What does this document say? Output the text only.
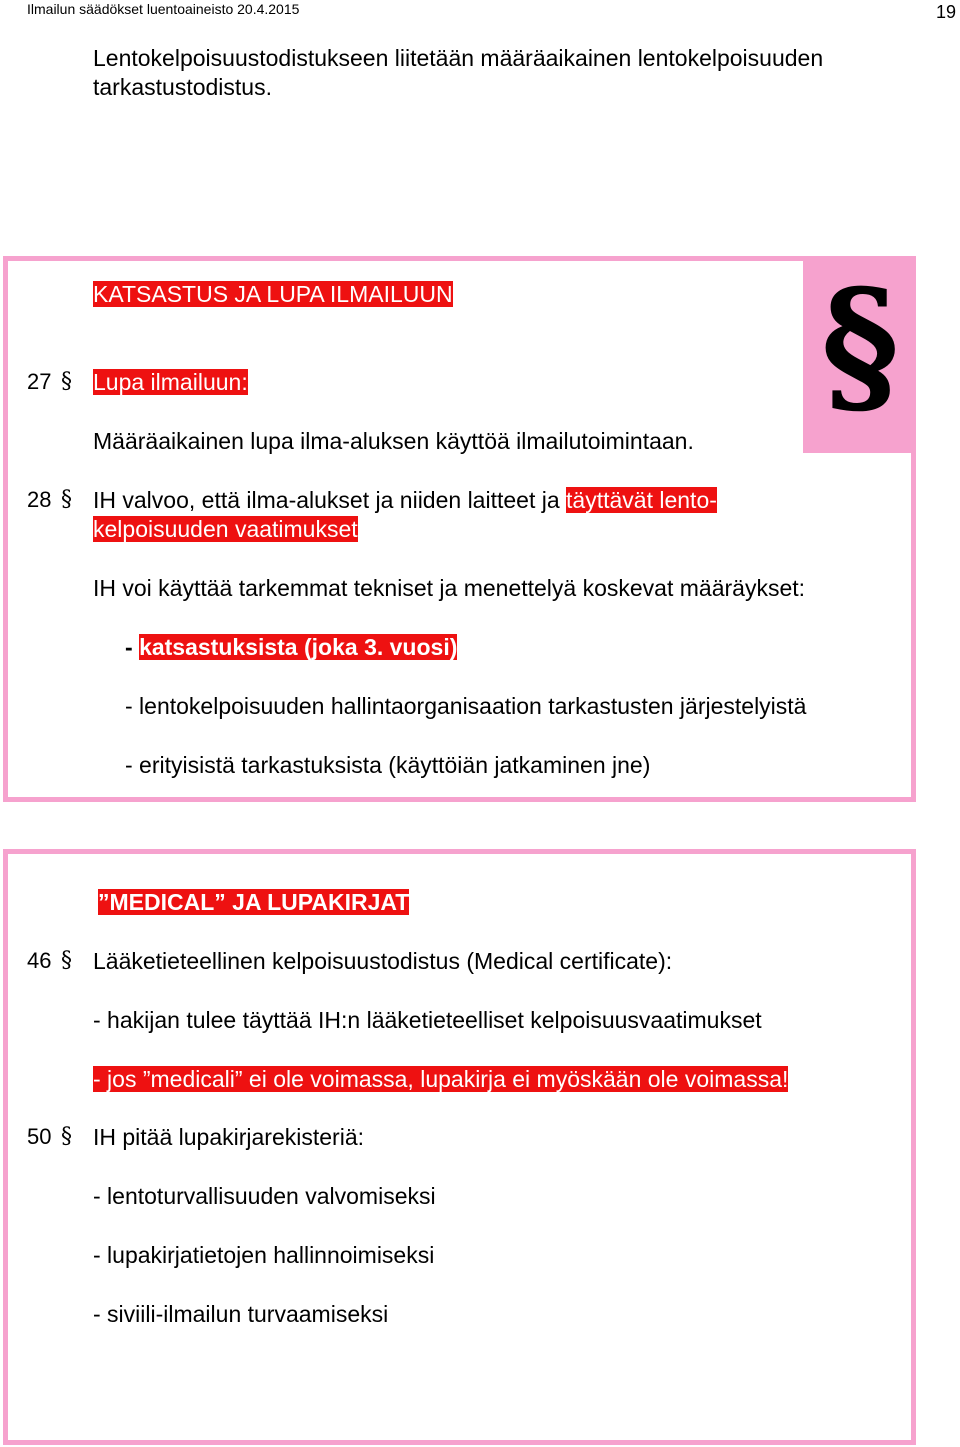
Ilmailun säädökset luentoaineisto 20.4.2015	19
Lentokelpoisuustodistukseen liitetään määräaikainen lentokelpoisuuden
tarkastustodistus.
§
KATSASTUS JA LUPA ILMAILUUN
27 § Lupa ilmailuun:
Määräaikainen lupa ilma-aluksen käyttöä ilmailutoimintaan.
28 § IH valvoo, että ilma-alukset ja niiden laitteet ja täyttävät lento-
kelpoisuuden vaatimukset
IH voi käyttää tarkemmat tekniset ja menettelyä koskevat määräykset:
- katsastuksista (joka 3. vuosi)
- lentokelpoisuuden hallintaorganisaation tarkastusten järjestelyistä
- erityisistä tarkastuksista (käyttöiän jatkaminen jne)
”MEDICAL” JA LUPAKIRJAT
46 § Lääketieteellinen kelpoisuustodistus (Medical certificate):
- hakijan tulee täyttää IH:n lääketieteelliset kelpoisuusvaatimukset
- jos ”medicali” ei ole voimassa, lupakirja ei myöskään ole voimassa!
50 § IH pitää lupakirjarekisteriä:
- lentoturvallisuuden valvomiseksi
- lupakirjatietojen hallinnoimiseksi
- siviili-ilmailun turvaamiseksi
